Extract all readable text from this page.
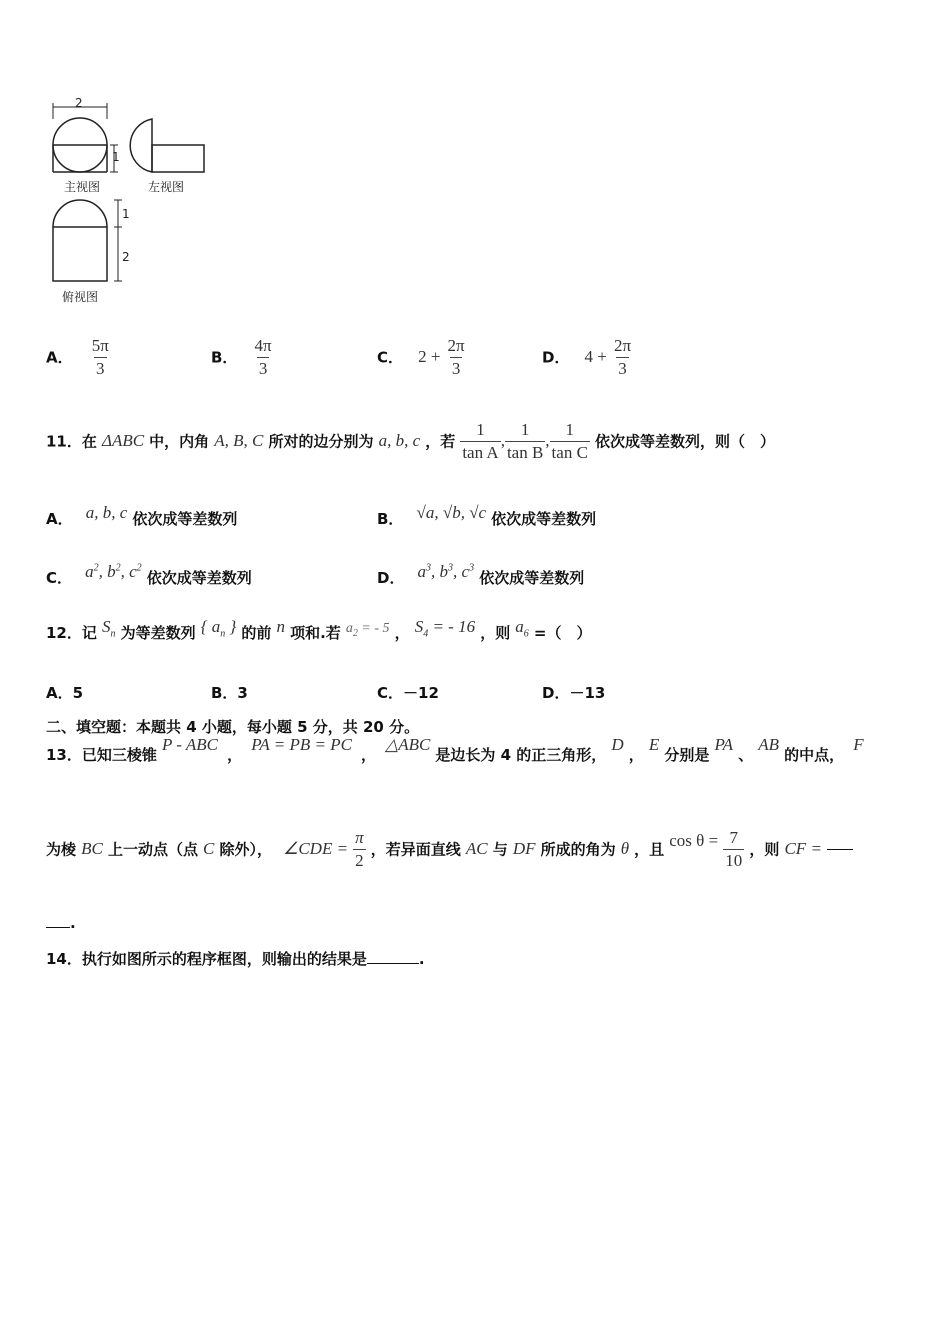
2
1
主视图	左视图
1
2
俯视图
A． $\frac{5\pi}{3}$	B． $\frac{4\pi}{3}$	C． $2 + \frac{2\pi}{3}$	D． $4 + \frac{2\pi}{3}$
11．在 ΔABC 中，内角 A, B, C 所对的边分别为 a, b, c ，若 $\frac{1}{\text{tan A}}$ , $\frac{1}{\text{tan B}}$ , $\frac{1}{\text{tan C}}$ 依次成等差数列，则（　）
A． a, b, c 依次成等差数列	B． √a, √b, √c 依次成等差数列
C． $a^2$, $b^2$, $c^2$ 依次成等差数列	D． $a^3$, $b^3$, $c^3$ 依次成等差数列
12．记 $S_n$ 为等差数列 { $a_n$ } 的前 n 项和.若 $a_2$ = - 5 ， $S_4$ = - 16 ，则 $a_6$ =（　）
A．5	B．3	C．－12	D．－13
二、填空题：本题共 4 小题，每小题 5 分，共 20 分。
13．已知三棱锥 P - ABC ， PA = PB = PC ， △ABC 是边长为 4 的正三角形， D ， E 分别是 PA 、 AB 的中点， F
为棱 BC 上一动点（点 C 除外）， ∠CDE = $\frac{\pi}{2}$ ，若异面直线 AC 与 DF 所成的角为 θ ，且 $\cos \theta = \frac{7}{10}$ ，则 CF =
.
14．执行如图所示的程序框图，则输出的结果是	.
